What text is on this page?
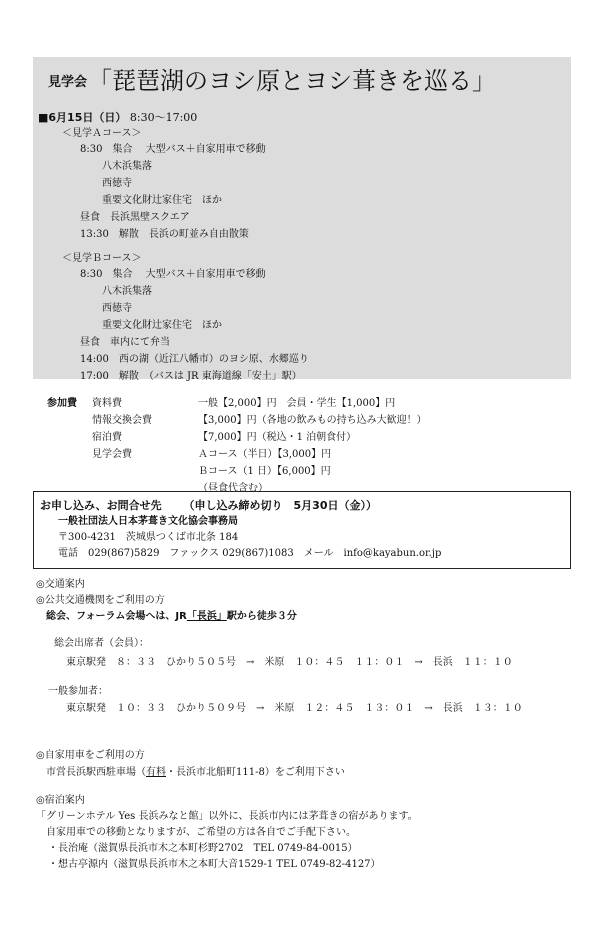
見学会 「琵琶湖のヨシ原とヨシ葺きを巡る」
■6月15日（日） 8:30～17:00
＜見学Ａコース＞
8:30　集合　 大型バス＋自家用車で移動
八木浜集落
西徳寺
重要文化財辻家住宅　ほか
昼食　長浜黒壁スクエア
13:30　解散　長浜の町並み自由散策
＜見学Ｂコース＞
8:30　集合　 大型バス＋自家用車で移動
八木浜集落
西徳寺
重要文化財辻家住宅　ほか
昼食　車内にて弁当
14:00　西の湖（近江八幡市）のヨシ原、水郷巡り
17:00　解散　（バスは JR 東海道線「安土」駅）
参加費 資料費	一般【2,000】円　会員・学生【1,000】円
情報交換会費	【3,000】円（各地の飲みもの持ち込み大歓迎！）
宿泊費	【7,000】円（税込・1 泊朝食付）
見学会費	Ａコース（半日）【3,000】円
Ｂコース（1 日）【6,000】円
（昼食代含む）
お申し込み、お問合せ先 （申し込み締め切り　5月30日（金））
一般社団法人日本茅葺き文化協会事務局
〒300-4231　茨城県つくば市北条 184
電話　029(867)5829　ファックス 029(867)1083　メール　info@kayabun.or.jp
◎交通案内
◎公共交通機関をご利用の方
総会、フォーラム会場へは、JR「長浜」駅から徒歩３分
総会出席者（会員）：
東京駅発　８：３３　ひかり５０５号　→　米原　１０：４５　１１：０１　→　長浜　１１：１０
一般参加者：
東京駅発　１０：３３　ひかり５０９号　→　米原　１２：４５　１３：０１　→　長浜　１３：１０
◎自家用車をご利用の方
市営長浜駅西駐車場（有料・長浜市北船町111-8）をご利用下さい
◎宿泊案内
「グリーンホテル Yes 長浜みなと館」以外に、長浜市内には茅葺きの宿があります。
自家用車での移動となりますが、ご希望の方は各自でご手配下さい。
・長治庵（滋賀県長浜市木之本町杉野2702　TEL 0749-84-0015）
・想古亭源内（滋賀県長浜市木之本町大音1529-1 TEL 0749-82-4127）
